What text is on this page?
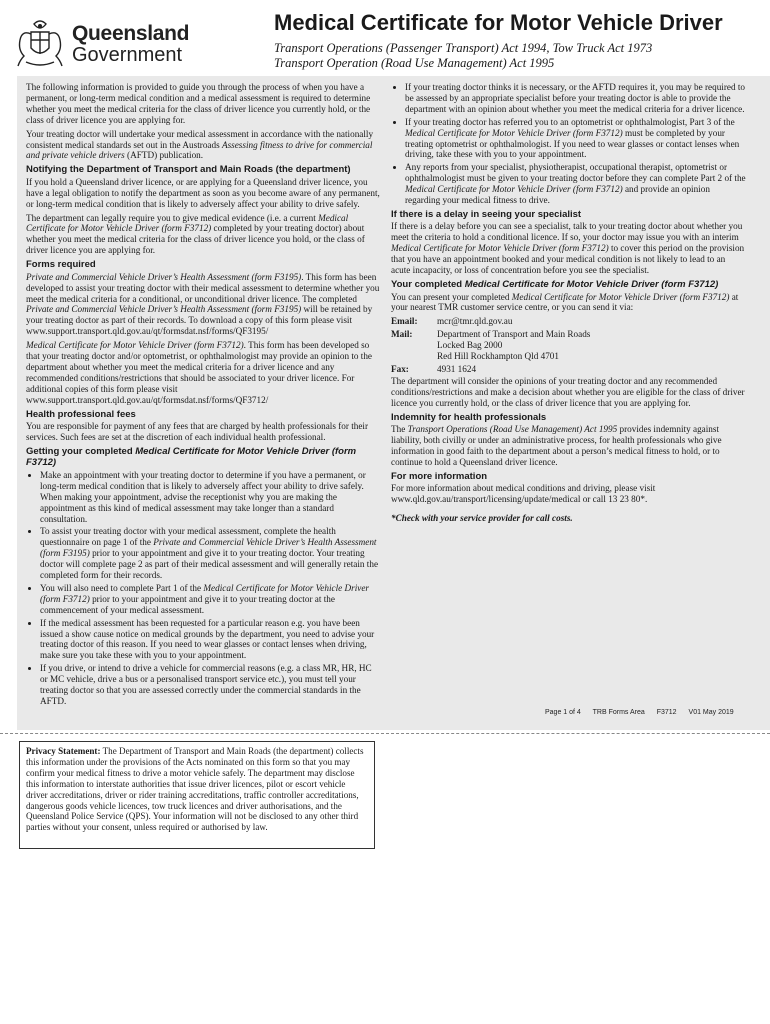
Queensland
Government
Medical Certificate for Motor Vehicle Driver
Transport Operations (Passenger Transport) Act 1994, Tow Truck Act 1973
Transport Operation (Road Use Management) Act 1995

The following information is provided to guide you through the process of when you have a permanent, or long-term medical condition and a medical assessment is required to determine whether you meet the medical criteria for the class of driver licence you currently hold, or the class of driver licence you are applying for.

Your treating doctor will undertake your medical assessment in accordance with the nationally consistent medical standards set out in the Austroads Assessing fitness to drive for commercial and private vehicle drivers (AFTD) publication.

Notifying the Department of Transport and Main Roads (the department)

If you hold a Queensland driver licence, or are applying for a Queensland driver licence, you have a legal obligation to notify the department as soon as you become aware of any permanent, or long-term medical condition that is likely to adversely affect your ability to drive safely.

The department can legally require you to give medical evidence (i.e. a current Medical Certificate for Motor Vehicle Driver (form F3712) completed by your treating doctor) about whether you meet the medical criteria for the class of driver licence you hold, or the class of driver licence you are applying for.

Forms required

Private and Commercial Vehicle Driver’s Health Assessment (form F3195). This form has been developed to assist your treating doctor with their medical assessment to determine whether you meet the medical criteria for a conditional, or unconditional driver licence. The completed Private and Commercial Vehicle Driver’s Health Assessment (form F3195) will be retained by your treating doctor as part of their records. To download a copy of this form please visit www.support.transport.qld.gov.au/qt/formsdat.nsf/forms/QF3195/

Medical Certificate for Motor Vehicle Driver (form F3712). This form has been developed so that your treating doctor and/or optometrist, or ophthalmologist may provide an opinion to the department about whether you meet the medical criteria for a driver licence and any recommended conditions/restrictions that should be associated to your driver licence. For additional copies of this form please visit www.support.transport.qld.gov.au/qt/formsdat.nsf/forms/QF3712/

Health professional fees

You are responsible for payment of any fees that are charged by health professionals for their services. Such fees are set at the discretion of each individual health professional.

Getting your completed Medical Certificate for Motor Vehicle Driver (form F3712)
• Make an appointment with your treating doctor to determine if you have a permanent, or long-term medical condition that is likely to adversely affect your ability to drive safely. When making your appointment, advise the receptionist why you are making the appointment as this kind of medical assessment may take longer than a standard consultation.
• To assist your treating doctor with your medical assessment, complete the health questionnaire on page 1 of the Private and Commercial Vehicle Driver’s Health Assessment (form F3195) prior to your appointment and give it to your treating doctor. Your treating doctor will complete page 2 as part of their medical assessment and will generally retain the completed form for their records.
• You will also need to complete Part 1 of the Medical Certificate for Motor Vehicle Driver (form F3712) prior to your appointment and give it to your treating doctor at the commencement of your medical assessment.
• If the medical assessment has been requested for a particular reason e.g. you have been issued a show cause notice on medical grounds by the department, you need to advise your treating doctor of this reason. If you need to wear glasses or contact lenses when driving, make sure you take these with you to your appointment.
• If you drive, or intend to drive a vehicle for commercial reasons (e.g. a class MR, HR, HC or MC vehicle, drive a bus or a personalised transport service etc.), you must tell your treating doctor so that you are assessed correctly under the commercial standards in the AFTD.
• If your treating doctor thinks it is necessary, or the AFTD requires it, you may be required to be assessed by an appropriate specialist before your treating doctor is able to provide the department with an opinion about whether you meet the medical criteria for a driver licence.
• If your treating doctor has referred you to an optometrist or ophthalmologist, Part 3 of the Medical Certificate for Motor Vehicle Driver (form F3712) must be completed by your treating optometrist or ophthalmologist. If you need to wear glasses or contact lenses when driving, take these with you to your appointment.
• Any reports from your specialist, physiotherapist, occupational therapist, optometrist or ophthalmologist must be given to your treating doctor before they can complete Part 2 of the Medical Certificate for Motor Vehicle Driver (form F3712) and provide an opinion regarding your medical fitness to drive.
If there is a delay in seeing your specialist

If there is a delay before you can see a specialist, talk to your treating doctor about whether you meet the criteria to hold a conditional licence. If so, your doctor may issue you with an interim Medical Certificate for Motor Vehicle Driver (form F3712) to cover this period on the provision that you have an appointment booked and your medical condition is not likely to lead to an acute incapacity, or loss of concentration before you see the specialist.

Your completed Medical Certificate for Motor Vehicle Driver (form F3712)

You can present your completed Medical Certificate for Motor Vehicle Driver (form F3712) at your nearest TMR customer service centre, or you can send it via:

Email:	mcr@tmr.qld.gov.au
Mail:	Department of Transport and Main Roads
Locked Bag 2000
Red Hill Rockhampton Qld 4701
Fax:	4931 1624

The department will consider the opinions of your treating doctor and any recommended conditions/restrictions and make a decision about whether you are eligible for the class of driver licence you currently hold, or the class of driver licence that you are applying for.

Indemnity for health professionals

The Transport Operations (Road Use Management) Act 1995 provides indemnity against liability, both civilly or under an administrative process, for health professionals who give information in good faith to the department about a person’s medical fitness to hold, or to continue to hold a Queensland driver licence.

For more information

For more information about medical conditions and driving, please visit www.qld.gov.au/transport/licensing/update/medical or call 13 23 80*.

*Check with your service provider for call costs.

Page 1 of 4 TRB Forms Area F3712 V01 May 2019
Privacy Statement: The Department of Transport and Main Roads (the department) collects this information under the provisions of the Acts nominated on this form so that you may confirm your medical fitness to drive a motor vehicle safely. The department may disclose this information to interstate authorities that issue driver licences, pilot or escort vehicle driver accreditations, driver or rider training accreditations, traffic controller accreditations, dangerous goods vehicle licences, tow truck licences and driver authorisations, and the Queensland Police Service (QPS). Your information will not be disclosed to any other third parties without your consent, unless required or authorised by law.
